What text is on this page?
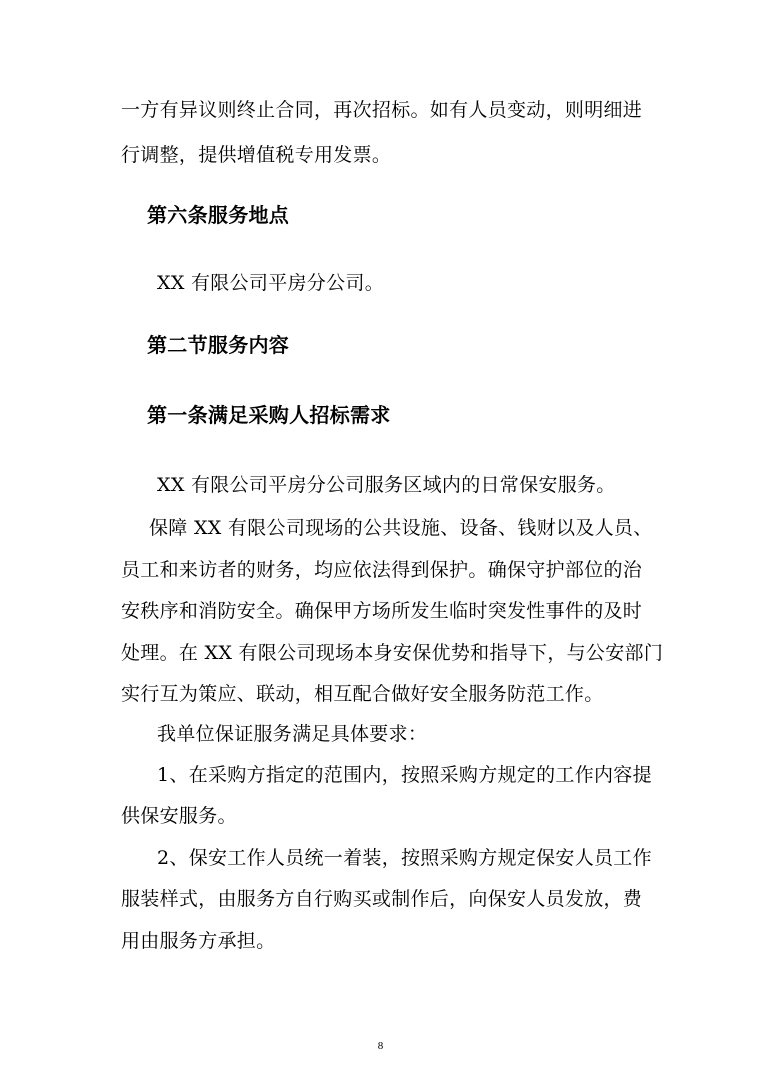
一方有异议则终止合同，再次招标。如有人员变动，则明细进
行调整，提供增值税专用发票。
第六条服务地点
XX 有限公司平房分公司。
第二节服务内容
第一条满足采购人招标需求
XX 有限公司平房分公司服务区域内的日常保安服务。
保障 XX 有限公司现场的公共设施、设备、钱财以及人员、
员工和来访者的财务，均应依法得到保护。确保守护部位的治
安秩序和消防安全。确保甲方场所发生临时突发性事件的及时
处理。在 XX 有限公司现场本身安保优势和指导下，与公安部门
实行互为策应、联动，相互配合做好安全服务防范工作。
我单位保证服务满足具体要求：
1、在采购方指定的范围内，按照采购方规定的工作内容提
供保安服务。
2、保安工作人员统一着装，按照采购方规定保安人员工作
服装样式，由服务方自行购买或制作后，向保安人员发放，费
用由服务方承担。
8
